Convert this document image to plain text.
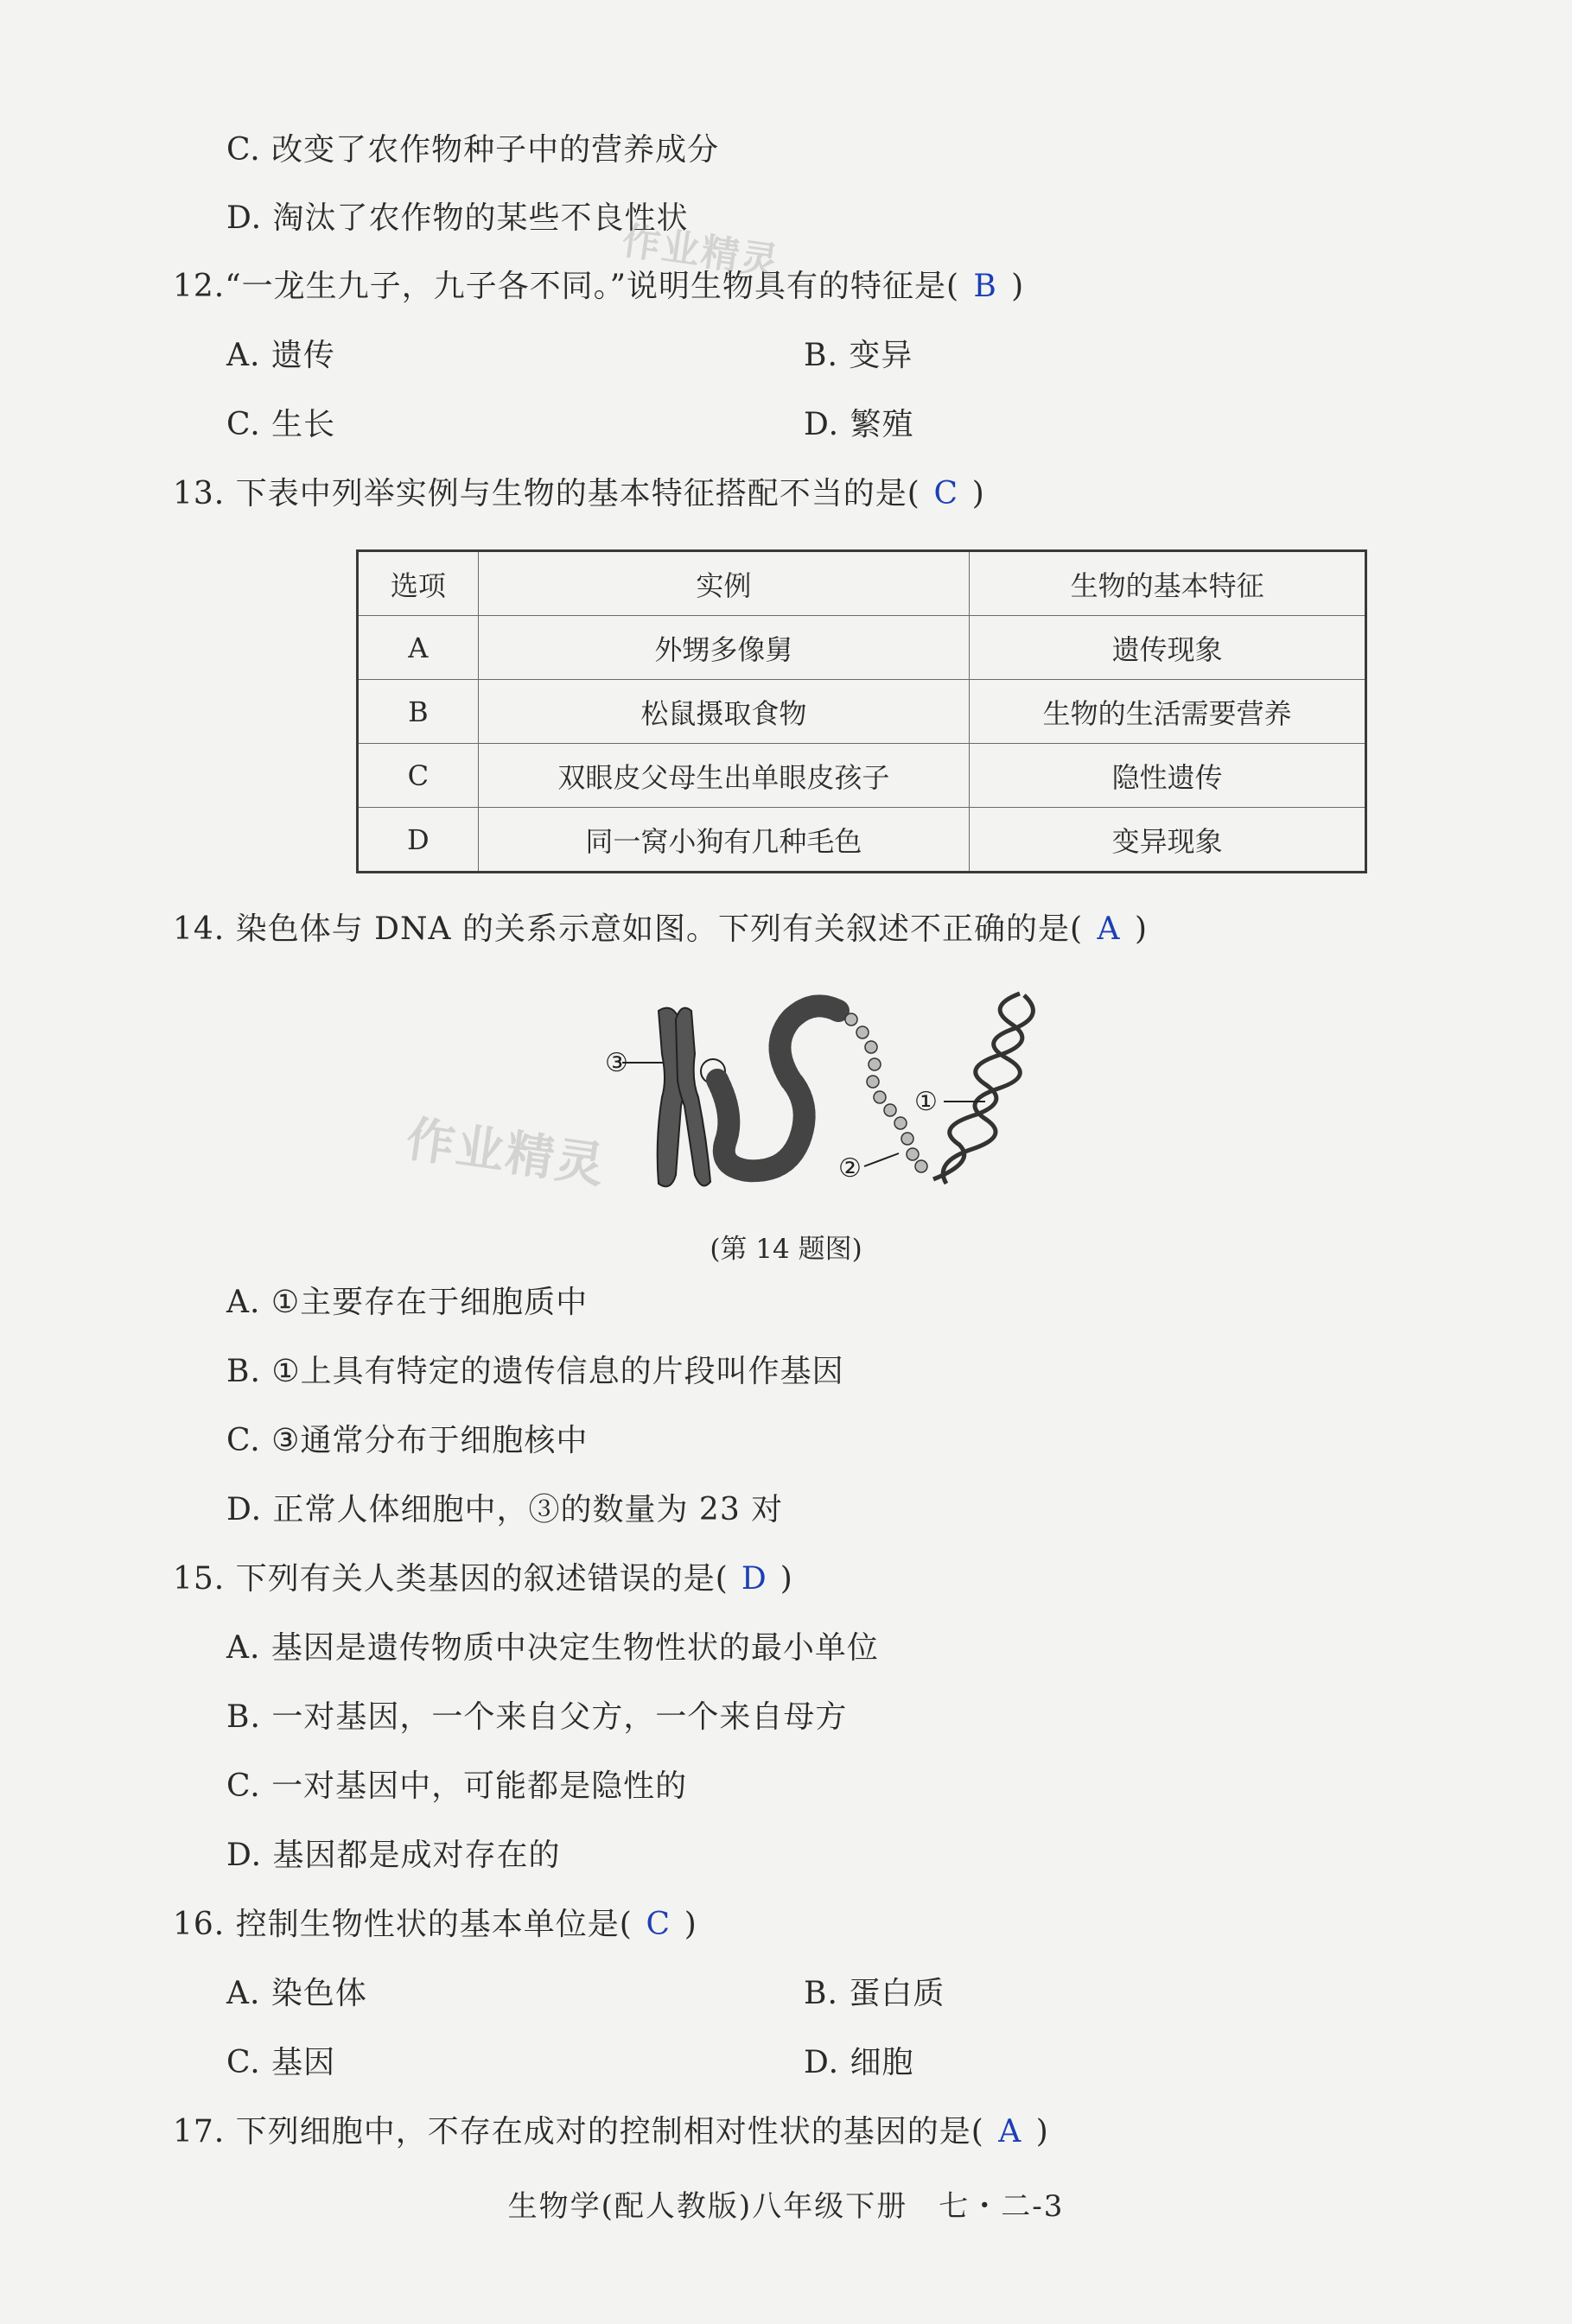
C. 改变了农作物种子中的营养成分
D. 淘汰了农作物的某些不良性状
12.“一龙生九子，九子各不同。”说明生物具有的特征是( B )
A. 遗传	B. 变异
C. 生长	D. 繁殖
13. 下表中列举实例与生物的基本特征搭配不当的是( C )
选项	实例	生物的基本特征
A	外甥多像舅	遗传现象
B	松鼠摄取食物	生物的生活需要营养
C	双眼皮父母生出单眼皮孩子	隐性遗传
D	同一窝小狗有几种毛色	变异现象
14. 染色体与 DNA 的关系示意如图。下列有关叙述不正确的是( A )
作业精灵
作业精灵
③
②
①
(第 14 题图)
A. ①主要存在于细胞质中
B. ①上具有特定的遗传信息的片段叫作基因
C. ③通常分布于细胞核中
D. 正常人体细胞中，③的数量为 23 对
15. 下列有关人类基因的叙述错误的是( D )
A. 基因是遗传物质中决定生物性状的最小单位
B. 一对基因，一个来自父方，一个来自母方
C. 一对基因中，可能都是隐性的
D. 基因都是成对存在的
16. 控制生物性状的基本单位是( C )
A. 染色体	B. 蛋白质
C. 基因	D. 细胞
17. 下列细胞中，不存在成对的控制相对性状的基因的是( A )
生物学(配人教版)八年级下册　七・二-3
